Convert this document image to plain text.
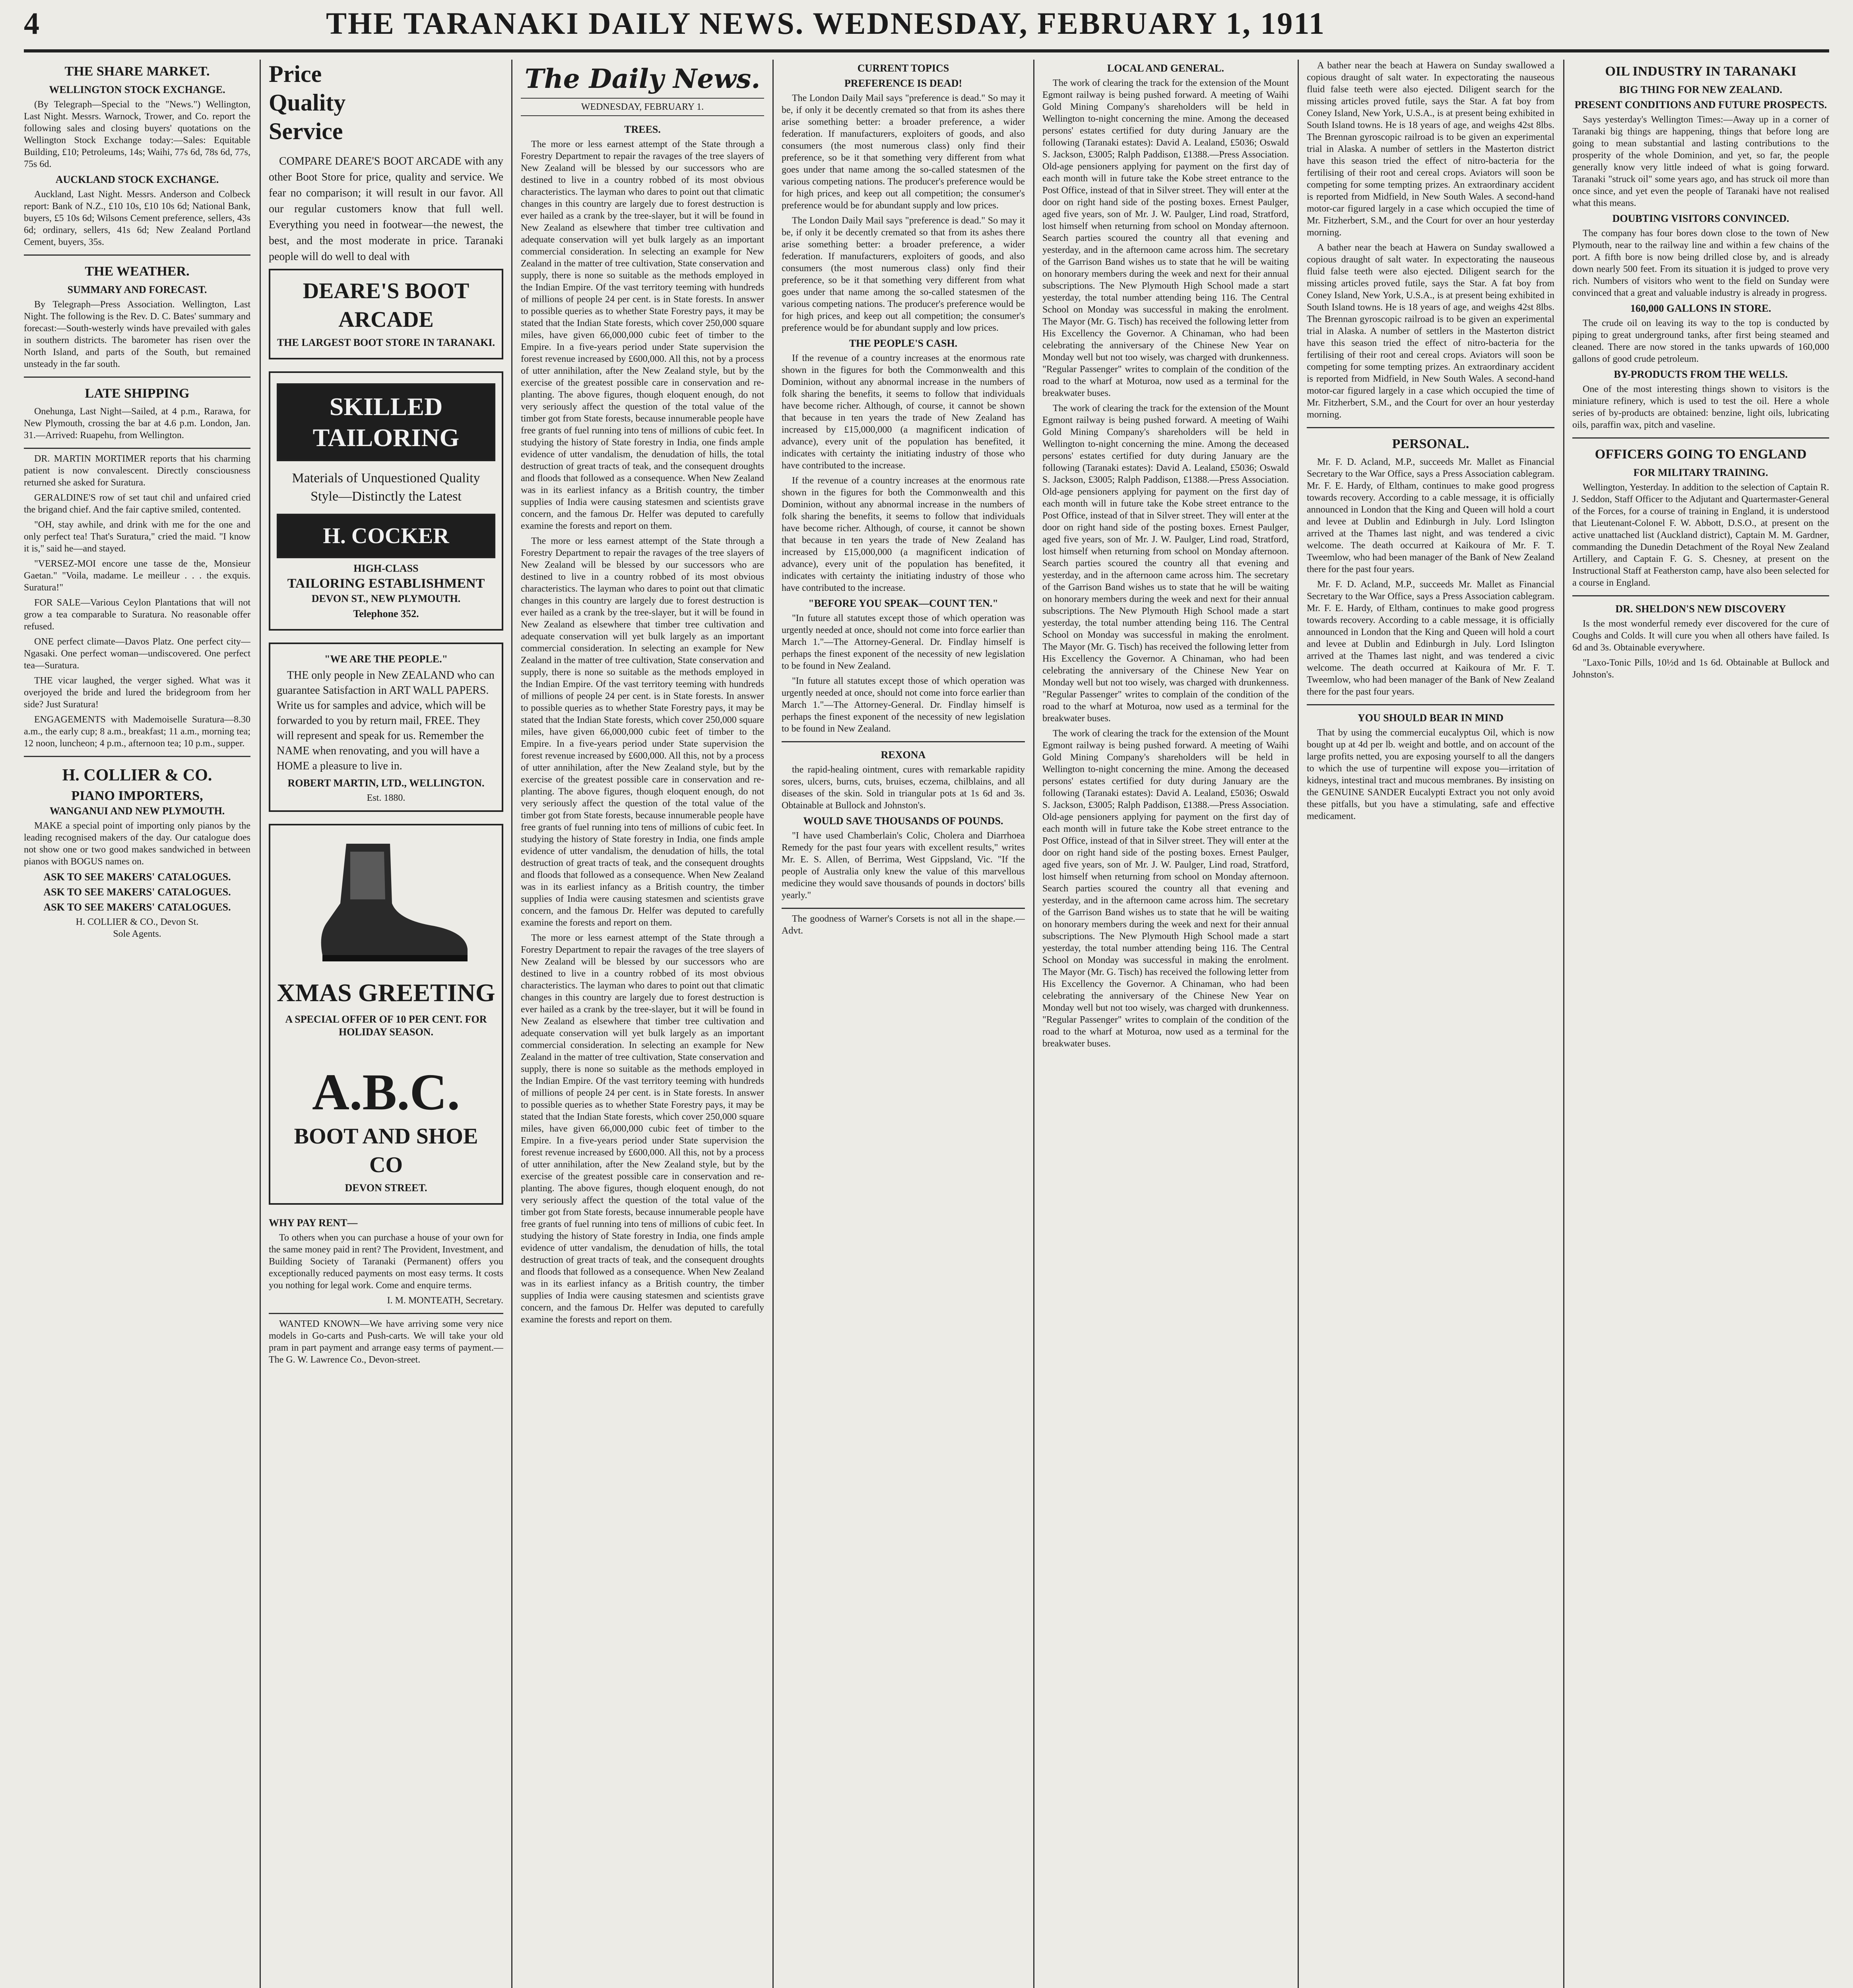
4	THE TARANAKI DAILY NEWS. WEDNESDAY, FEBRUARY 1, 1911
THE SHARE MARKET.
WELLINGTON STOCK EXCHANGE.

(By Telegraph—Special to the "News.") Wellington, Last Night. Messrs. Warnock, Trower, and Co. report the following sales and closing buyers' quotations on the Wellington Stock Exchange today:—Sales: Equitable Building, £10; Petroleums, 14s; Waihi, 77s 6d, 78s 6d, 77s, 75s 6d.

AUCKLAND STOCK EXCHANGE.

Auckland, Last Night. Messrs. Anderson and Colbeck report: Bank of N.Z., £10 10s, £10 10s 6d; National Bank, buyers, £5 10s 6d; Wilsons Cement preference, sellers, 43s 6d; ordinary, sellers, 41s 6d; New Zealand Portland Cement, buyers, 35s.

THE WEATHER.
SUMMARY AND FORECAST.

By Telegraph—Press Association. Wellington, Last Night. The following is the Rev. D. C. Bates' summary and forecast:—South-westerly winds have prevailed with gales in southern districts. The barometer has risen over the North Island, and parts of the South, but remained unsteady in the far south.

LATE SHIPPING

Onehunga, Last Night—Sailed, at 4 p.m., Rarawa, for New Plymouth, crossing the bar at 4.6 p.m. London, Jan. 31.—Arrived: Ruapehu, from Wellington.

DR. MARTIN MORTIMER reports that his charming patient is now convalescent. Directly consciousness returned she asked for Suratura.

GERALDINE'S row of set taut chil and unfaired cried the brigand chief. And the fair captive smiled, contented.

"OH, stay awhile, and drink with me for the one and only perfect tea! That's Suratura," cried the maid. "I know it is," said he—and stayed.

"VERSEZ-MOI encore une tasse de the, Monsieur Gaetan." "Voila, madame. Le meilleur . . . the exquis. Suratura!"

FOR SALE—Various Ceylon Plantations that will not grow a tea comparable to Suratura. No reasonable offer refused.

ONE perfect climate—Davos Platz. One perfect city—Ngasaki. One perfect woman—undiscovered. One perfect tea—Suratura.

THE vicar laughed, the verger sighed. What was it overjoyed the bride and lured the bridegroom from her side? Just Suratura!

ENGAGEMENTS with Mademoiselle Suratura—8.30 a.m., the early cup; 8 a.m., breakfast; 11 a.m., morning tea; 12 noon, luncheon; 4 p.m., afternoon tea; 10 p.m., supper.

H. COLLIER & CO.
PIANO IMPORTERS,
WANGANUI AND NEW PLYMOUTH.

MAKE a special point of importing only pianos by the leading recognised makers of the day. Our catalogue does not show one or two good makes sandwiched in between pianos with BOGUS names on.

ASK TO SEE MAKERS' CATALOGUES.
ASK TO SEE MAKERS' CATALOGUES.
ASK TO SEE MAKERS' CATALOGUES.
H. COLLIER & CO., Devon St.
Sole Agents.
Price
Quality
Service

COMPARE DEARE'S BOOT ARCADE with any other Boot Store for price, quality and service. We fear no comparison; it will result in our favor. All our regular customers know that full well. Everything you need in footwear—the newest, the best, and the most moderate in price. Taranaki people will do well to deal with

DEARE'S BOOT ARCADE
THE LARGEST BOOT STORE IN TARANAKI.
SKILLED TAILORING
Materials of Unquestioned Quality Style—Distinctly the Latest
H. COCKER
HIGH-CLASS
TAILORING ESTABLISHMENT
DEVON ST., NEW PLYMOUTH.
Telephone 352.
"WE ARE THE PEOPLE."

THE only people in New ZEALAND who can guarantee Satisfaction in ART WALL PAPERS. Write us for samples and advice, which will be forwarded to you by return mail, FREE. They will represent and speak for us. Remember the NAME when renovating, and you will have a HOME a pleasure to live in.

ROBERT MARTIN, LTD., WELLINGTON.
Est. 1880.
XMAS GREETING
A SPECIAL OFFER OF 10 PER CENT. FOR HOLIDAY SEASON.
A.B.C.
BOOT AND SHOE CO
DEVON STREET.
WHY PAY RENT—

To others when you can purchase a house of your own for the same money paid in rent? The Provident, Investment, and Building Society of Taranaki (Permanent) offers you exceptionally reduced payments on most easy terms. It costs you nothing for legal work. Come and enquire terms.

I. M. MONTEATH, Secretary.

WANTED KNOWN—We have arriving some very nice models in Go-carts and Push-carts. We will take your old pram in part payment and arrange easy terms of payment.—The G. W. Lawrence Co., Devon-street.

The Daily News.
WEDNESDAY, FEBRUARY 1.
TREES.

The more or less earnest attempt of the State through a Forestry Department to repair the ravages of the tree slayers of New Zealand will be blessed by our successors who are destined to live in a country robbed of its most obvious characteristics. The layman who dares to point out that climatic changes in this country are largely due to forest destruction is ever hailed as a crank by the tree-slayer, but it will be found in New Zealand as elsewhere that timber tree cultivation and adequate conservation will yet bulk largely as an important commercial consideration. In selecting an example for New Zealand in the matter of tree cultivation, State conservation and supply, there is none so suitable as the methods employed in the Indian Empire. Of the vast territory teeming with hundreds of millions of people 24 per cent. is in State forests. In answer to possible queries as to whether State Forestry pays, it may be stated that the Indian State forests, which cover 250,000 square miles, have given 66,000,000 cubic feet of timber to the Empire. In a five-years period under State supervision the forest revenue increased by £600,000. All this, not by a process of utter annihilation, after the New Zealand style, but by the exercise of the greatest possible care in conservation and re-planting. The above figures, though eloquent enough, do not very seriously affect the question of the total value of the timber got from State forests, because innumerable people have free grants of fuel running into tens of millions of cubic feet. In studying the history of State forestry in India, one finds ample evidence of utter vandalism, the denudation of hills, the total destruction of great tracts of teak, and the consequent droughts and floods that followed as a consequence. When New Zealand was in its earliest infancy as a British country, the timber supplies of India were causing statesmen and scientists grave concern, and the famous Dr. Helfer was deputed to carefully examine the forests and report on them.

The more or less earnest attempt of the State through a Forestry Department to repair the ravages of the tree slayers of New Zealand will be blessed by our successors who are destined to live in a country robbed of its most obvious characteristics. The layman who dares to point out that climatic changes in this country are largely due to forest destruction is ever hailed as a crank by the tree-slayer, but it will be found in New Zealand as elsewhere that timber tree cultivation and adequate conservation will yet bulk largely as an important commercial consideration. In selecting an example for New Zealand in the matter of tree cultivation, State conservation and supply, there is none so suitable as the methods employed in the Indian Empire. Of the vast territory teeming with hundreds of millions of people 24 per cent. is in State forests. In answer to possible queries as to whether State Forestry pays, it may be stated that the Indian State forests, which cover 250,000 square miles, have given 66,000,000 cubic feet of timber to the Empire. In a five-years period under State supervision the forest revenue increased by £600,000. All this, not by a process of utter annihilation, after the New Zealand style, but by the exercise of the greatest possible care in conservation and re-planting. The above figures, though eloquent enough, do not very seriously affect the question of the total value of the timber got from State forests, because innumerable people have free grants of fuel running into tens of millions of cubic feet. In studying the history of State forestry in India, one finds ample evidence of utter vandalism, the denudation of hills, the total destruction of great tracts of teak, and the consequent droughts and floods that followed as a consequence. When New Zealand was in its earliest infancy as a British country, the timber supplies of India were causing statesmen and scientists grave concern, and the famous Dr. Helfer was deputed to carefully examine the forests and report on them.

The more or less earnest attempt of the State through a Forestry Department to repair the ravages of the tree slayers of New Zealand will be blessed by our successors who are destined to live in a country robbed of its most obvious characteristics. The layman who dares to point out that climatic changes in this country are largely due to forest destruction is ever hailed as a crank by the tree-slayer, but it will be found in New Zealand as elsewhere that timber tree cultivation and adequate conservation will yet bulk largely as an important commercial consideration. In selecting an example for New Zealand in the matter of tree cultivation, State conservation and supply, there is none so suitable as the methods employed in the Indian Empire. Of the vast territory teeming with hundreds of millions of people 24 per cent. is in State forests. In answer to possible queries as to whether State Forestry pays, it may be stated that the Indian State forests, which cover 250,000 square miles, have given 66,000,000 cubic feet of timber to the Empire. In a five-years period under State supervision the forest revenue increased by £600,000. All this, not by a process of utter annihilation, after the New Zealand style, but by the exercise of the greatest possible care in conservation and re-planting. The above figures, though eloquent enough, do not very seriously affect the question of the total value of the timber got from State forests, because innumerable people have free grants of fuel running into tens of millions of cubic feet. In studying the history of State forestry in India, one finds ample evidence of utter vandalism, the denudation of hills, the total destruction of great tracts of teak, and the consequent droughts and floods that followed as a consequence. When New Zealand was in its earliest infancy as a British country, the timber supplies of India were causing statesmen and scientists grave concern, and the famous Dr. Helfer was deputed to carefully examine the forests and report on them.

CURRENT TOPICS
PREFERENCE IS DEAD!

The London Daily Mail says "preference is dead." So may it be, if only it be decently cremated so that from its ashes there arise something better: a broader preference, a wider federation. If manufacturers, exploiters of goods, and also consumers (the most numerous class) only find their preference, so be it that something very different from what goes under that name among the so-called statesmen of the various competing nations. The producer's preference would be for high prices, and keep out all competition; the consumer's preference would be for abundant supply and low prices.

The London Daily Mail says "preference is dead." So may it be, if only it be decently cremated so that from its ashes there arise something better: a broader preference, a wider federation. If manufacturers, exploiters of goods, and also consumers (the most numerous class) only find their preference, so be it that something very different from what goes under that name among the so-called statesmen of the various competing nations. The producer's preference would be for high prices, and keep out all competition; the consumer's preference would be for abundant supply and low prices.

THE PEOPLE'S CASH.

If the revenue of a country increases at the enormous rate shown in the figures for both the Commonwealth and this Dominion, without any abnormal increase in the numbers of folk sharing the benefits, it seems to follow that individuals have become richer. Although, of course, it cannot be shown that because in ten years the trade of New Zealand has increased by £15,000,000 (a magnificent indication of advance), every unit of the population has benefited, it indicates with certainty the initiating industry of those who have contributed to the increase.

If the revenue of a country increases at the enormous rate shown in the figures for both the Commonwealth and this Dominion, without any abnormal increase in the numbers of folk sharing the benefits, it seems to follow that individuals have become richer. Although, of course, it cannot be shown that because in ten years the trade of New Zealand has increased by £15,000,000 (a magnificent indication of advance), every unit of the population has benefited, it indicates with certainty the initiating industry of those who have contributed to the increase.

"BEFORE YOU SPEAK—COUNT TEN."

"In future all statutes except those of which operation was urgently needed at once, should not come into force earlier than March 1."—The Attorney-General. Dr. Findlay himself is perhaps the finest exponent of the necessity of new legislation to be found in New Zealand.

"In future all statutes except those of which operation was urgently needed at once, should not come into force earlier than March 1."—The Attorney-General. Dr. Findlay himself is perhaps the finest exponent of the necessity of new legislation to be found in New Zealand.

REXONA

the rapid-healing ointment, cures with remarkable rapidity sores, ulcers, burns, cuts, bruises, eczema, chilblains, and all diseases of the skin. Sold in triangular pots at 1s 6d and 3s. Obtainable at Bullock and Johnston's.

WOULD SAVE THOUSANDS OF POUNDS.

"I have used Chamberlain's Colic, Cholera and Diarrhoea Remedy for the past four years with excellent results," writes Mr. E. S. Allen, of Berrima, West Gippsland, Vic. "If the people of Australia only knew the value of this marvellous medicine they would save thousands of pounds in doctors' bills yearly."

The goodness of Warner's Corsets is not all in the shape.—Advt.

LOCAL AND GENERAL.

The work of clearing the track for the extension of the Mount Egmont railway is being pushed forward. A meeting of Waihi Gold Mining Company's shareholders will be held in Wellington to-night concerning the mine. Among the deceased persons' estates certified for duty during January are the following (Taranaki estates): David A. Lealand, £5036; Oswald S. Jackson, £3005; Ralph Paddison, £1388.—Press Association. Old-age pensioners applying for payment on the first day of each month will in future take the Kobe street entrance to the Post Office, instead of that in Silver street. They will enter at the door on right hand side of the posting boxes. Ernest Paulger, aged five years, son of Mr. J. W. Paulger, Lind road, Stratford, lost himself when returning from school on Monday afternoon. Search parties scoured the country all that evening and yesterday, and in the afternoon came across him. The secretary of the Garrison Band wishes us to state that he will be waiting on honorary members during the week and next for their annual subscriptions. The New Plymouth High School made a start yesterday, the total number attending being 116. The Central School on Monday was successful in making the enrolment. The Mayor (Mr. G. Tisch) has received the following letter from His Excellency the Governor. A Chinaman, who had been celebrating the anniversary of the Chinese New Year on Monday well but not too wisely, was charged with drunkenness. "Regular Passenger" writes to complain of the condition of the road to the wharf at Moturoa, now used as a terminal for the breakwater buses.

The work of clearing the track for the extension of the Mount Egmont railway is being pushed forward. A meeting of Waihi Gold Mining Company's shareholders will be held in Wellington to-night concerning the mine. Among the deceased persons' estates certified for duty during January are the following (Taranaki estates): David A. Lealand, £5036; Oswald S. Jackson, £3005; Ralph Paddison, £1388.—Press Association. Old-age pensioners applying for payment on the first day of each month will in future take the Kobe street entrance to the Post Office, instead of that in Silver street. They will enter at the door on right hand side of the posting boxes. Ernest Paulger, aged five years, son of Mr. J. W. Paulger, Lind road, Stratford, lost himself when returning from school on Monday afternoon. Search parties scoured the country all that evening and yesterday, and in the afternoon came across him. The secretary of the Garrison Band wishes us to state that he will be waiting on honorary members during the week and next for their annual subscriptions. The New Plymouth High School made a start yesterday, the total number attending being 116. The Central School on Monday was successful in making the enrolment. The Mayor (Mr. G. Tisch) has received the following letter from His Excellency the Governor. A Chinaman, who had been celebrating the anniversary of the Chinese New Year on Monday well but not too wisely, was charged with drunkenness. "Regular Passenger" writes to complain of the condition of the road to the wharf at Moturoa, now used as a terminal for the breakwater buses.

The work of clearing the track for the extension of the Mount Egmont railway is being pushed forward. A meeting of Waihi Gold Mining Company's shareholders will be held in Wellington to-night concerning the mine. Among the deceased persons' estates certified for duty during January are the following (Taranaki estates): David A. Lealand, £5036; Oswald S. Jackson, £3005; Ralph Paddison, £1388.—Press Association. Old-age pensioners applying for payment on the first day of each month will in future take the Kobe street entrance to the Post Office, instead of that in Silver street. They will enter at the door on right hand side of the posting boxes. Ernest Paulger, aged five years, son of Mr. J. W. Paulger, Lind road, Stratford, lost himself when returning from school on Monday afternoon. Search parties scoured the country all that evening and yesterday, and in the afternoon came across him. The secretary of the Garrison Band wishes us to state that he will be waiting on honorary members during the week and next for their annual subscriptions. The New Plymouth High School made a start yesterday, the total number attending being 116. The Central School on Monday was successful in making the enrolment. The Mayor (Mr. G. Tisch) has received the following letter from His Excellency the Governor. A Chinaman, who had been celebrating the anniversary of the Chinese New Year on Monday well but not too wisely, was charged with drunkenness. "Regular Passenger" writes to complain of the condition of the road to the wharf at Moturoa, now used as a terminal for the breakwater buses.

A bather near the beach at Hawera on Sunday swallowed a copious draught of salt water. In expectorating the nauseous fluid false teeth were also ejected. Diligent search for the missing articles proved futile, says the Star. A fat boy from Coney Island, New York, U.S.A., is at present being exhibited in South Island towns. He is 18 years of age, and weighs 42st 8lbs. The Brennan gyroscopic railroad is to be given an experimental trial in Alaska. A number of settlers in the Masterton district have this season tried the effect of nitro-bacteria for the fertilising of their root and cereal crops. Aviators will soon be competing for some tempting prizes. An extraordinary accident is reported from Midfield, in New South Wales. A second-hand motor-car figured largely in a case which occupied the time of Mr. Fitzherbert, S.M., and the Court for over an hour yesterday morning.

A bather near the beach at Hawera on Sunday swallowed a copious draught of salt water. In expectorating the nauseous fluid false teeth were also ejected. Diligent search for the missing articles proved futile, says the Star. A fat boy from Coney Island, New York, U.S.A., is at present being exhibited in South Island towns. He is 18 years of age, and weighs 42st 8lbs. The Brennan gyroscopic railroad is to be given an experimental trial in Alaska. A number of settlers in the Masterton district have this season tried the effect of nitro-bacteria for the fertilising of their root and cereal crops. Aviators will soon be competing for some tempting prizes. An extraordinary accident is reported from Midfield, in New South Wales. A second-hand motor-car figured largely in a case which occupied the time of Mr. Fitzherbert, S.M., and the Court for over an hour yesterday morning.

PERSONAL.

Mr. F. D. Acland, M.P., succeeds Mr. Mallet as Financial Secretary to the War Office, says a Press Association cablegram. Mr. F. E. Hardy, of Eltham, continues to make good progress towards recovery. According to a cable message, it is officially announced in London that the King and Queen will hold a court and levee at Dublin and Edinburgh in July. Lord Islington arrived at the Thames last night, and was tendered a civic welcome. The death occurred at Kaikoura of Mr. F. T. Tweemlow, who had been manager of the Bank of New Zealand there for the past four years.

Mr. F. D. Acland, M.P., succeeds Mr. Mallet as Financial Secretary to the War Office, says a Press Association cablegram. Mr. F. E. Hardy, of Eltham, continues to make good progress towards recovery. According to a cable message, it is officially announced in London that the King and Queen will hold a court and levee at Dublin and Edinburgh in July. Lord Islington arrived at the Thames last night, and was tendered a civic welcome. The death occurred at Kaikoura of Mr. F. T. Tweemlow, who had been manager of the Bank of New Zealand there for the past four years.

YOU SHOULD BEAR IN MIND

That by using the commercial eucalyptus Oil, which is now bought up at 4d per lb. weight and bottle, and on account of the large profits netted, you are exposing yourself to all the dangers to which the use of turpentine will expose you—irritation of kidneys, intestinal tract and mucous membranes. By insisting on the GENUINE SANDER Eucalypti Extract you not only avoid these pitfalls, but you have a stimulating, safe and effective medicament.

OIL INDUSTRY IN TARANAKI
BIG THING FOR NEW ZEALAND.
PRESENT CONDITIONS AND FUTURE PROSPECTS.

Says yesterday's Wellington Times:—Away up in a corner of Taranaki big things are happening, things that before long are going to mean substantial and lasting contributions to the prosperity of the whole Dominion, and yet, so far, the people generally know very little indeed of what is going forward. Taranaki "struck oil" some years ago, and has struck oil more than once since, and yet even the people of Taranaki have not realised what this means.

DOUBTING VISITORS CONVINCED.

The company has four bores down close to the town of New Plymouth, near to the railway line and within a few chains of the port. A fifth bore is now being drilled close by, and is already down nearly 500 feet. From its situation it is judged to prove very rich. Numbers of visitors who went to the field on Sunday were convinced that a great and valuable industry is already in progress.

160,000 GALLONS IN STORE.

The crude oil on leaving its way to the top is conducted by piping to great underground tanks, after first being steamed and cleaned. There are now stored in the tanks upwards of 160,000 gallons of good crude petroleum.

BY-PRODUCTS FROM THE WELLS.

One of the most interesting things shown to visitors is the miniature refinery, which is used to test the oil. Here a whole series of by-products are obtained: benzine, light oils, lubricating oils, paraffin wax, pitch and vaseline.

OFFICERS GOING TO ENGLAND
FOR MILITARY TRAINING.

Wellington, Yesterday. In addition to the selection of Captain R. J. Seddon, Staff Officer to the Adjutant and Quartermaster-General of the Forces, for a course of training in England, it is understood that Lieutenant-Colonel F. W. Abbott, D.S.O., at present on the active unattached list (Auckland district), Captain M. M. Gardner, commanding the Dunedin Detachment of the Royal New Zealand Artillery, and Captain F. G. S. Chesney, at present on the Instructional Staff at Featherston camp, have also been selected for a course in England.

DR. SHELDON'S NEW DISCOVERY

Is the most wonderful remedy ever discovered for the cure of Coughs and Colds. It will cure you when all others have failed. Is 6d and 3s. Obtainable everywhere.

"Laxo-Tonic Pills, 10½d and 1s 6d. Obtainable at Bullock and Johnston's.
